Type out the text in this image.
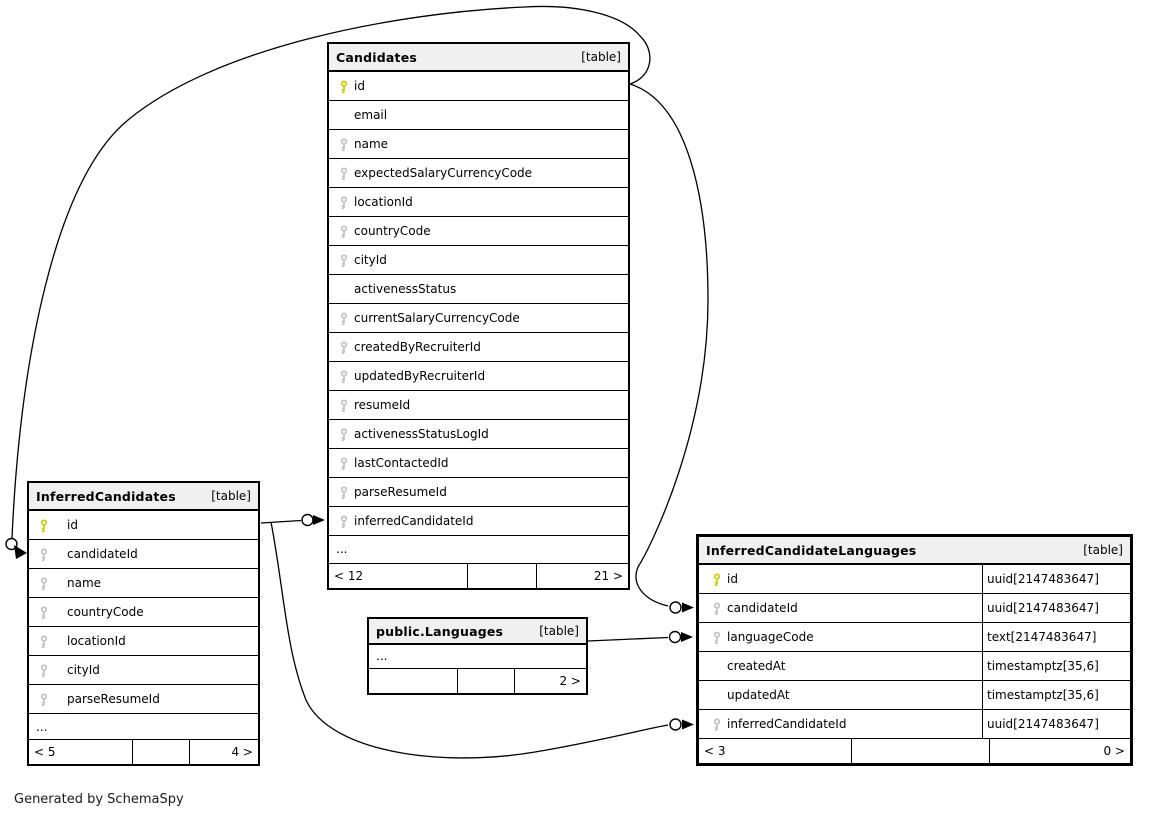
Candidates	[table]
id
email
name
expectedSalaryCurrencyCode
locationId
countryCode
cityId
activenessStatus
currentSalaryCurrencyCode
createdByRecruiterId
updatedByRecruiterId
resumeId
activenessStatusLogId
lastContactedId
parseResumeId
inferredCandidateId
...
< 12	21 >
InferredCandidates	[table]
id
candidateId
name
countryCode
locationId
cityId
parseResumeId
...
< 5	4 >
public.Languages	[table]
...
2 >
InferredCandidateLanguages	[table]
id	uuid[2147483647]
candidateId	uuid[2147483647]
languageCode	text[2147483647]
createdAt	timestamptz[35,6]
updatedAt	timestamptz[35,6]
inferredCandidateId	uuid[2147483647]
< 3	0 >
Generated by SchemaSpy
